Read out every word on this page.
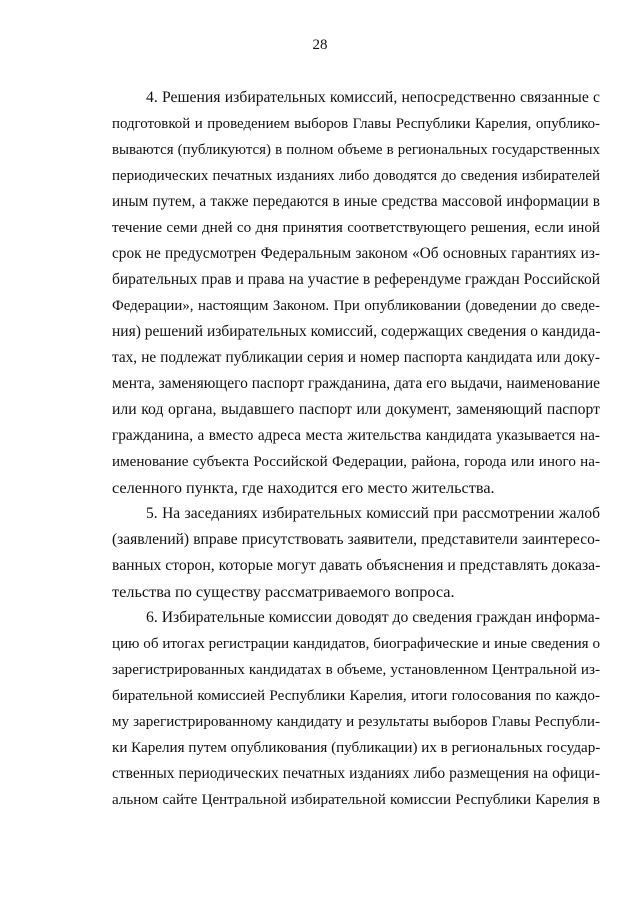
28
4. Решения избирательных комиссий, непосредственно связанные с
подготовкой и проведением выборов Главы Республики Карелия, опублико-
вываются (публикуются) в полном объеме в региональных государственных
периодических печатных изданиях либо доводятся до сведения избирателей
иным путем, а также передаются в иные средства массовой информации в
течение семи дней со дня принятия соответствующего решения, если иной
срок не предусмотрен Федеральным законом «Об основных гарантиях из-
бирательных прав и права на участие в референдуме граждан Российской
Федерации», настоящим Законом. При опубликовании (доведении до сведе-
ния) решений избирательных комиссий, содержащих сведения о кандида-
тах, не подлежат публикации серия и номер паспорта кандидата или доку-
мента, заменяющего паспорт гражданина, дата его выдачи, наименование
или код органа, выдавшего паспорт или документ, заменяющий паспорт
гражданина, а вместо адреса места жительства кандидата указывается на-
именование субъекта Российской Федерации, района, города или иного на-
селенного пункта, где находится его место жительства.
5. На заседаниях избирательных комиссий при рассмотрении жалоб
(заявлений) вправе присутствовать заявители, представители заинтересо-
ванных сторон, которые могут давать объяснения и представлять доказа-
тельства по существу рассматриваемого вопроса.
6. Избирательные комиссии доводят до сведения граждан информа-
цию об итогах регистрации кандидатов, биографические и иные сведения о
зарегистрированных кандидатах в объеме, установленном Центральной из-
бирательной комиссией Республики Карелия, итоги голосования по каждо-
му зарегистрированному кандидату и результаты выборов Главы Республи-
ки Карелия путем опубликования (публикации) их в региональных государ-
ственных периодических печатных изданиях либо размещения на офици-
альном сайте Центральной избирательной комиссии Республики Карелия в
